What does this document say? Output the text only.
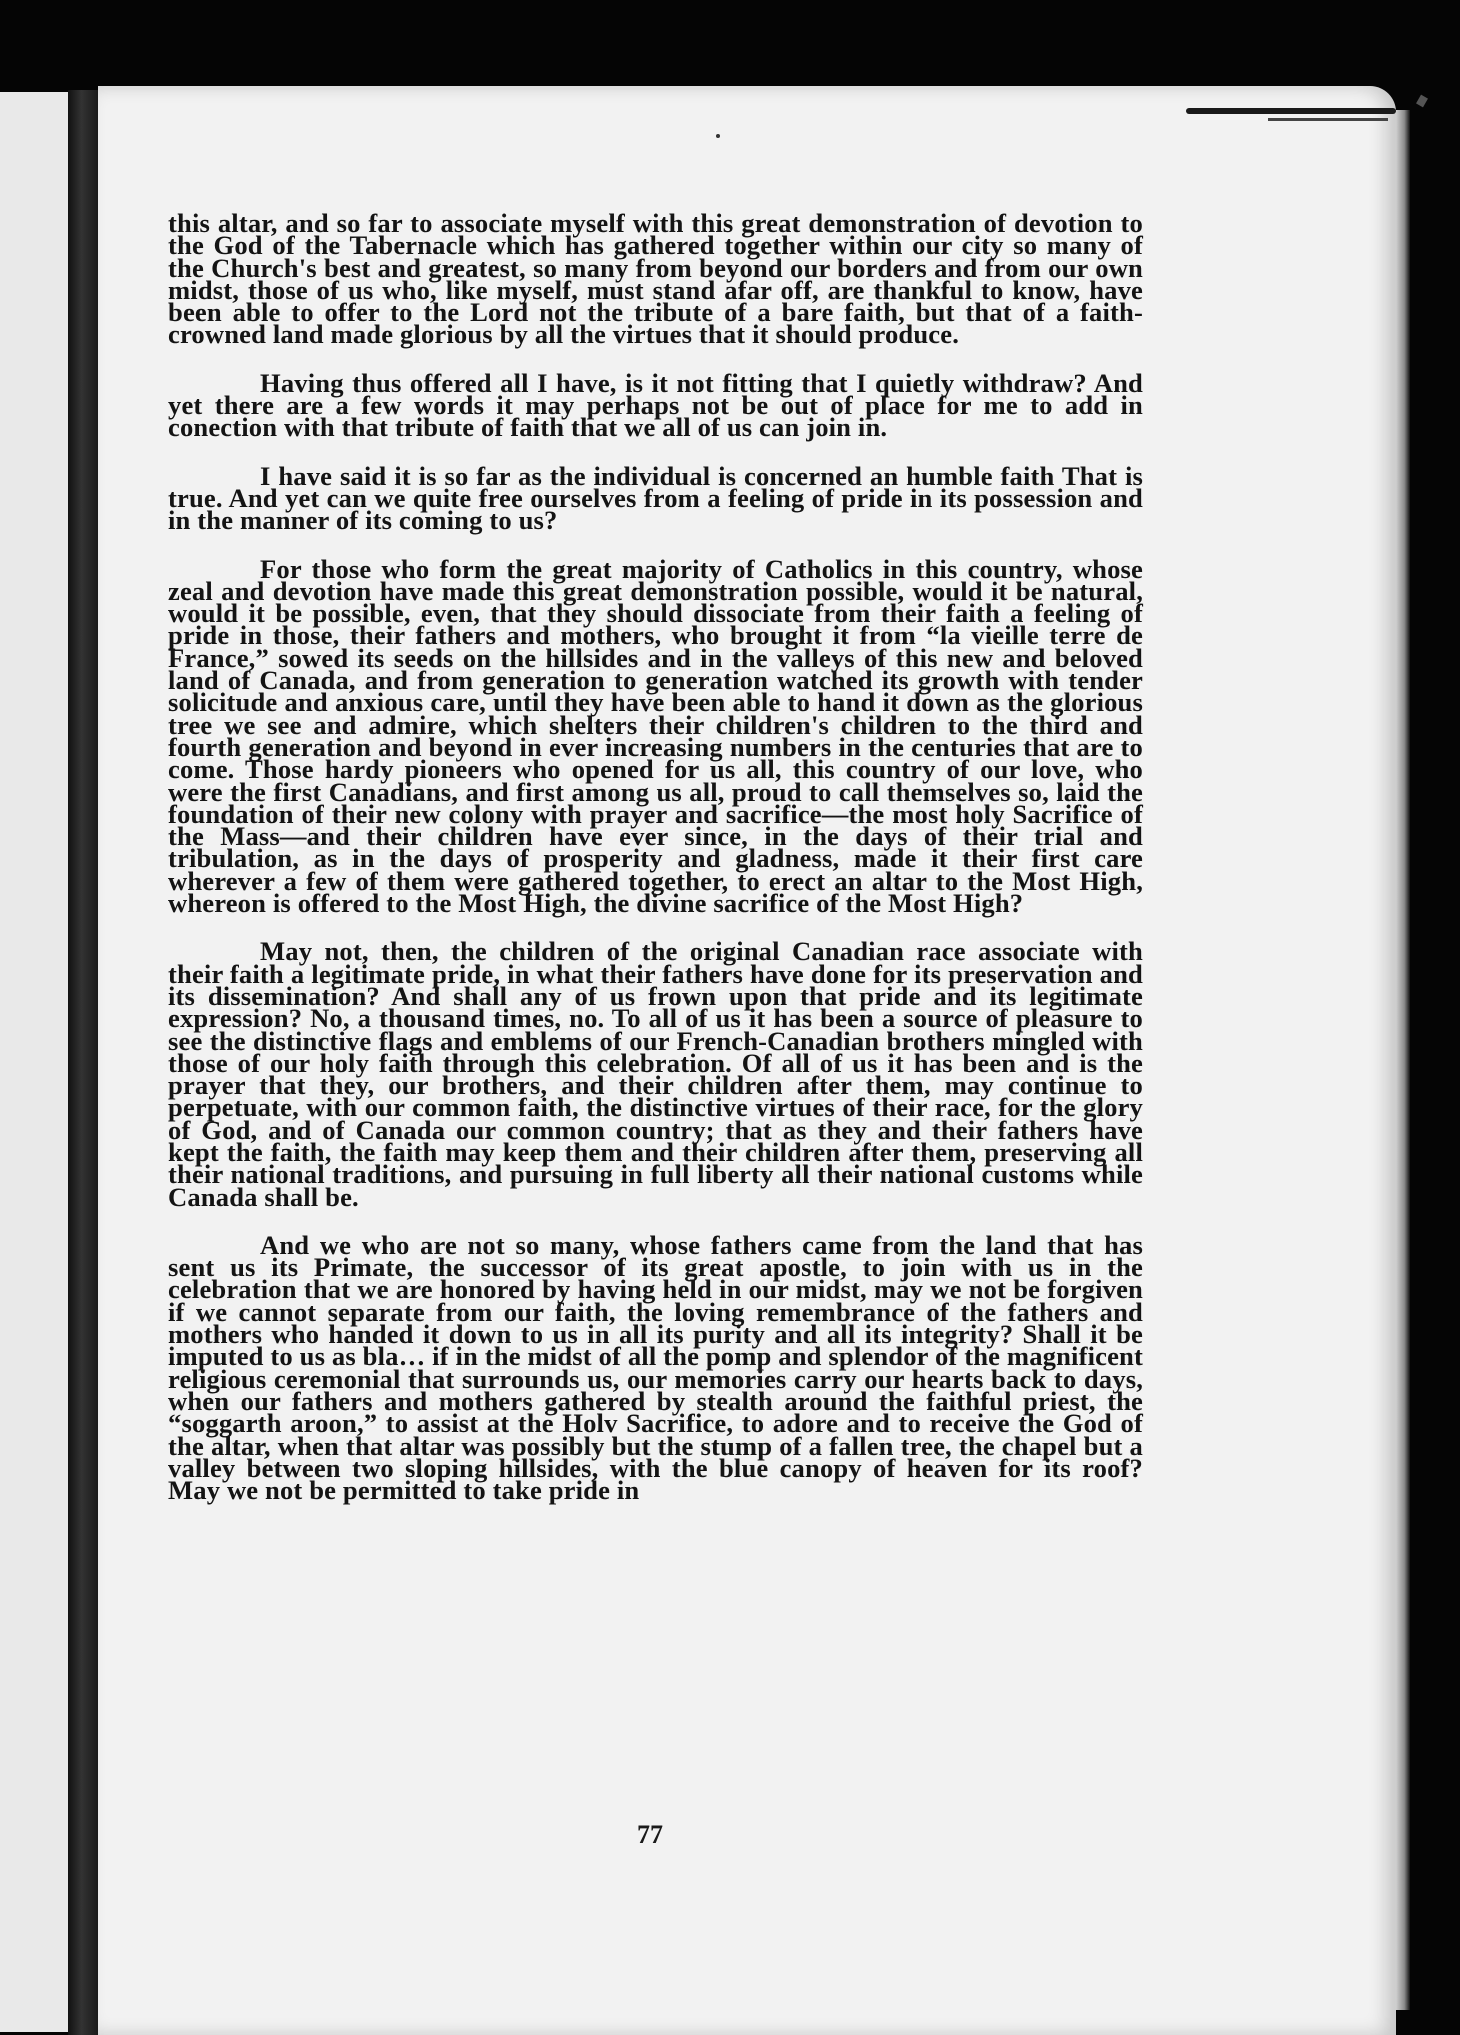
this altar, and so far to associate myself with this great demonstration of devotion to the God of the Tabernacle which has gathered together within our city so many of the Church's best and greatest, so many from beyond our borders and from our own midst, those of us who, like myself, must stand afar off, are thankful to know, have been able to offer to the Lord not the tribute of a bare faith, but that of a faith-crowned land made glorious by all the virtues that it should produce.

Having thus offered all I have, is it not fitting that I quietly withdraw? And yet there are a few words it may perhaps not be out of place for me to add in conection with that tribute of faith that we all of us can join in.

I have said it is so far as the individual is concerned an humble faith That is true. And yet can we quite free ourselves from a feeling of pride in its possession and in the manner of its coming to us?

For those who form the great majority of Catholics in this country, whose zeal and devotion have made this great demonstration possible, would it be natural, would it be possible, even, that they should dissociate from their faith a feeling of pride in those, their fathers and mothers, who brought it from “la vieille terre de France,” sowed its seeds on the hillsides and in the valleys of this new and beloved land of Canada, and from generation to generation watched its growth with tender solicitude and anxious care, until they have been able to hand it down as the glorious tree we see and admire, which shelters their children's children to the third and fourth generation and beyond in ever increasing numbers in the centuries that are to come. Those hardy pioneers who opened for us all, this country of our love, who were the first Canadians, and first among us all, proud to call themselves so, laid the foundation of their new colony with prayer and sacrifice—the most holy Sacrifice of the Mass—and their children have ever since, in the days of their trial and tribulation, as in the days of prosperity and gladness, made it their first care wherever a few of them were gathered together, to erect an altar to the Most High, whereon is offered to the Most High, the divine sacrifice of the Most High?

May not, then, the children of the original Canadian race associate with their faith a legitimate pride, in what their fathers have done for its preservation and its dissemination? And shall any of us frown upon that pride and its legitimate expression? No, a thousand times, no. To all of us it has been a source of pleasure to see the distinctive flags and emblems of our French-Canadian brothers mingled with those of our holy faith through this celebration. Of all of us it has been and is the prayer that they, our brothers, and their children after them, may continue to perpetuate, with our common faith, the distinctive virtues of their race, for the glory of God, and of Canada our common country; that as they and their fathers have kept the faith, the faith may keep them and their children after them, preserving all their national traditions, and pursuing in full liberty all their national customs while Canada shall be.

And we who are not so many, whose fathers came from the land that has sent us its Primate, the successor of its great apostle, to join with us in the celebration that we are honored by having held in our midst, may we not be forgiven if we cannot separate from our faith, the loving remembrance of the fathers and mothers who handed it down to us in all its purity and all its integrity? Shall it be imputed to us as bla… if in the midst of all the pomp and splendor of the magnificent religious ceremonial that surrounds us, our memories carry our hearts back to days, when our fathers and mothers gathered by stealth around the faithful priest, the “soggarth aroon,” to assist at the Holv Sacrifice, to adore and to receive the God of the altar, when that altar was possibly but the stump of a fallen tree, the chapel but a valley between two sloping hillsides, with the blue canopy of heaven for its roof? May we not be permitted to take pride in

77
